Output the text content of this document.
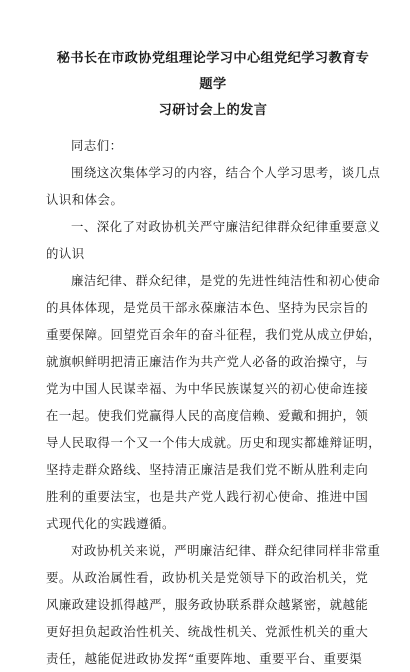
秘书长在市政协党组理论学习中心组党纪学习教育专题学
习研讨会上的发言
同志们：
围绕这次集体学习的内容，结合个人学习思考，谈几点
认识和体会。
一、深化了对政协机关严守廉洁纪律群众纪律重要意义
的认识
廉洁纪律、群众纪律，是党的先进性纯洁性和初心使命
的具体体现，是党员干部永葆廉洁本色、坚持为民宗旨的
重要保障。回望党百余年的奋斗征程，我们党从成立伊始，
就旗帜鲜明把清正廉洁作为共产党人必备的政治操守，与
党为中国人民谋幸福、为中华民族谋复兴的初心使命连接
在一起。使我们党赢得人民的高度信赖、爱戴和拥护，领
导人民取得一个又一个伟大成就。历史和现实都雄辩证明，
坚持走群众路线、坚持清正廉洁是我们党不断从胜利走向
胜利的重要法宝，也是共产党人践行初心使命、推进中国
式现代化的实践遵循。
对政协机关来说，严明廉洁纪律、群众纪律同样非常重
要。从政治属性看，政协机关是党领导下的政治机关，党
风廉政建设抓得越严，服务政协联系群众越紧密，就越能
更好担负起政治性机关、统战性机关、党派性机关的重大
责任，越能促进政协发挥“重要阵地、重要平台、重要渠
